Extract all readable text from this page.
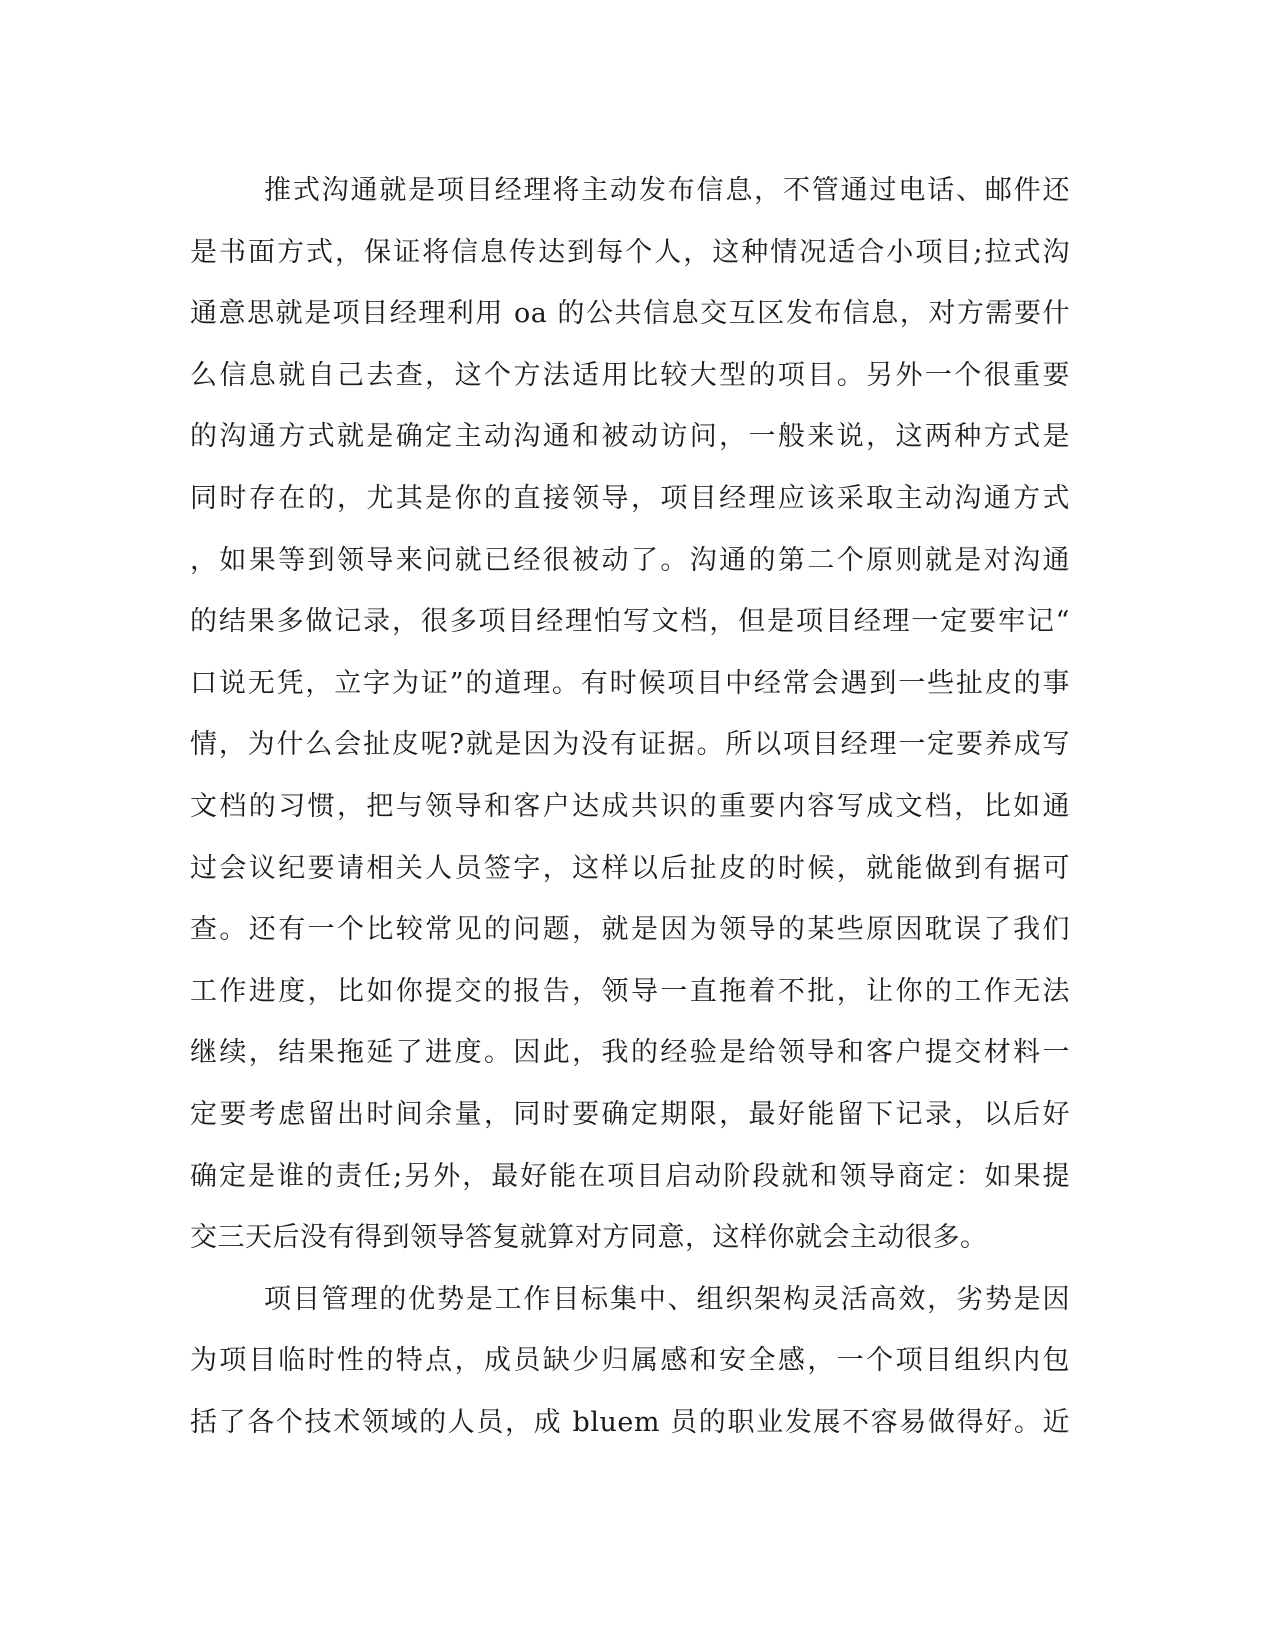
推式沟通就是项目经理将主动发布信息，不管通过电话、邮件还
是书面方式，保证将信息传达到每个人，这种情况适合小项目;拉式沟
通意思就是项目经理利用 oa 的公共信息交互区发布信息，对方需要什
么信息就自己去查，这个方法适用比较大型的项目。另外一个很重要
的沟通方式就是确定主动沟通和被动访问，一般来说，这两种方式是
同时存在的，尤其是你的直接领导，项目经理应该采取主动沟通方式
，如果等到领导来问就已经很被动了。沟通的第二个原则就是对沟通
的结果多做记录，很多项目经理怕写文档，但是项目经理一定要牢记“
口说无凭，立字为证”的道理。有时候项目中经常会遇到一些扯皮的事
情，为什么会扯皮呢?就是因为没有证据。所以项目经理一定要养成写
文档的习惯，把与领导和客户达成共识的重要内容写成文档，比如通
过会议纪要请相关人员签字，这样以后扯皮的时候，就能做到有据可
查。还有一个比较常见的问题，就是因为领导的某些原因耽误了我们
工作进度，比如你提交的报告，领导一直拖着不批，让你的工作无法
继续，结果拖延了进度。因此，我的经验是给领导和客户提交材料一
定要考虑留出时间余量，同时要确定期限，最好能留下记录，以后好
确定是谁的责任;另外，最好能在项目启动阶段就和领导商定：如果提
交三天后没有得到领导答复就算对方同意，这样你就会主动很多。
项目管理的优势是工作目标集中、组织架构灵活高效，劣势是因
为项目临时性的特点，成员缺少归属感和安全感，一个项目组织内包
括了各个技术领域的人员，成 bluem 员的职业发展不容易做得好。近
